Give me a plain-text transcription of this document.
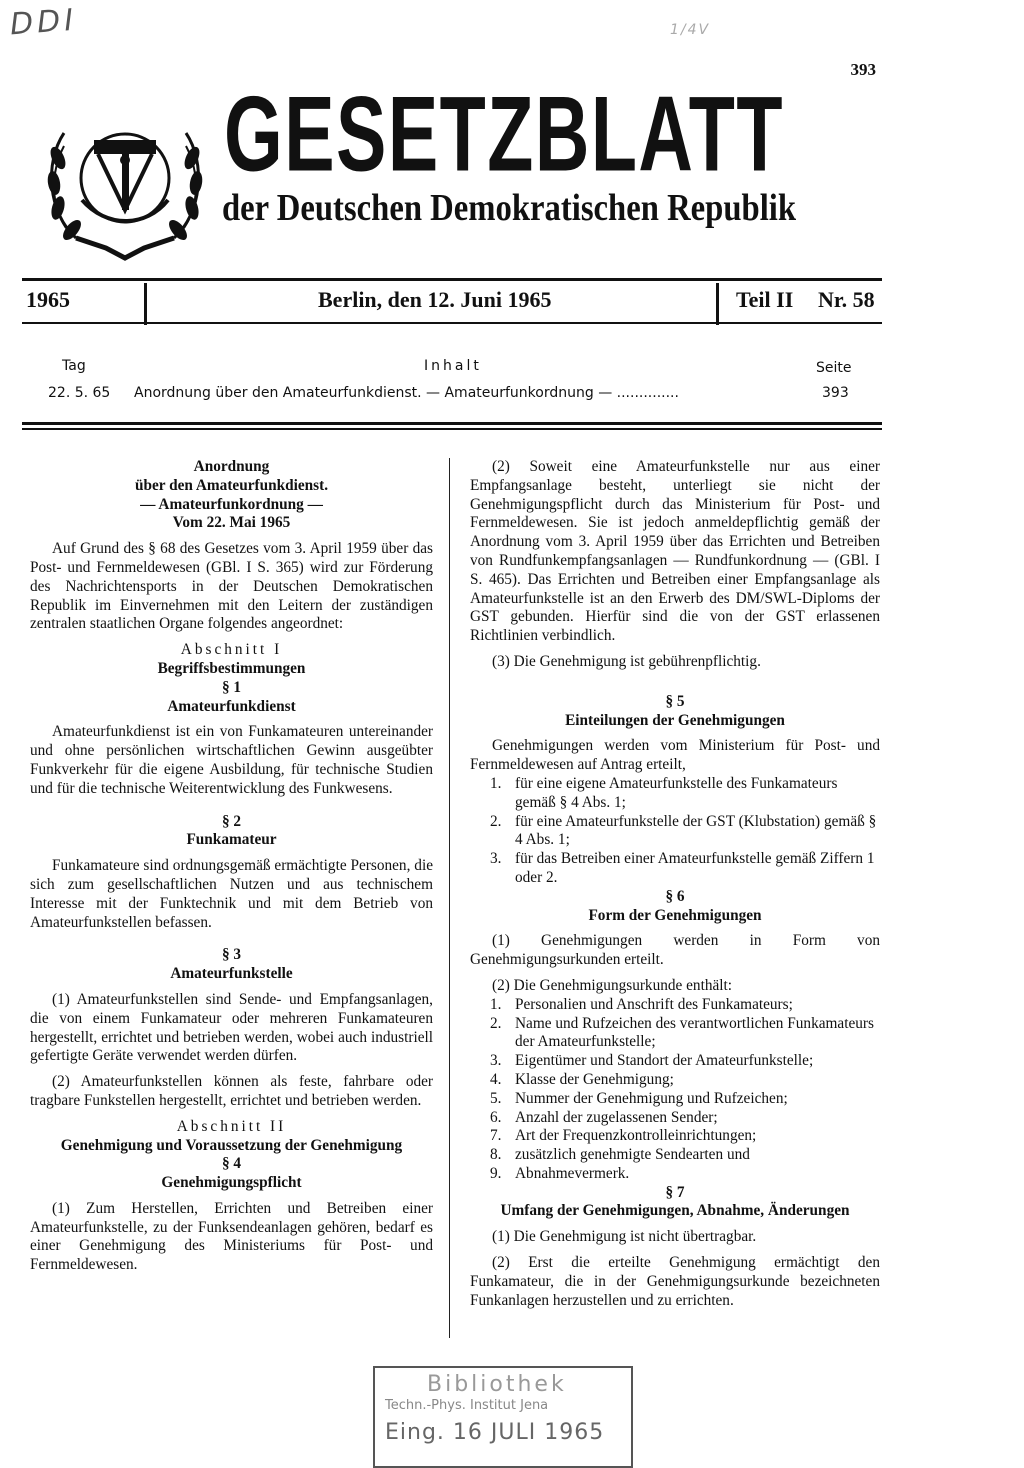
DDI	1/4V
393
GESETZBLATT
der Deutschen Demokratischen Republik
1965	Berlin, den 12. Juni 1965	Teil II Nr. 58
Tag	Inhalt	Seite
22. 5. 65 Anordnung über den Amateurfunkdienst. — Amateurfunkordnung — ..............	393
Anordnung
über den Amateurfunkdienst.
— Amateurfunkordnung —
Vom 22. Mai 1965

Auf Grund des § 68 des Gesetzes vom 3. April 1959 über das Post- und Fernmeldewesen (GBl. I S. 365) wird zur Förderung des Nachrichtensports in der Deutschen Demokratischen Republik im Einvernehmen mit den Leitern der zuständigen zentralen staatlichen Organe folgendes angeordnet:

Abschnitt I
Begriffsbestimmungen
§ 1
Amateurfunkdienst

Amateurfunkdienst ist ein von Funkamateuren untereinander und ohne persönlichen wirtschaftlichen Gewinn ausgeübter Funkverkehr für die eigene Ausbildung, für technische Studien und für die technische Weiterentwicklung des Funkwesens.

§ 2
Funkamateur

Funkamateure sind ordnungsgemäß ermächtigte Personen, die sich zum gesellschaftlichen Nutzen und aus technischem Interesse mit der Funktechnik und mit dem Betrieb von Amateurfunkstellen befassen.

§ 3
Amateurfunkstelle

(1) Amateurfunkstellen sind Sende- und Empfangsanlagen, die von einem Funkamateur oder mehreren Funkamateuren hergestellt, errichtet und betrieben werden, wobei auch industriell gefertigte Geräte verwendet werden dürfen.

(2) Amateurfunkstellen können als feste, fahrbare oder tragbare Funkstellen hergestellt, errichtet und betrieben werden.

Abschnitt II
Genehmigung und Voraussetzung der Genehmigung
§ 4
Genehmigungspflicht

(1) Zum Herstellen, Errichten und Betreiben einer Amateurfunkstelle, zu der Funksendeanlagen gehören, bedarf es einer Genehmigung des Ministeriums für Post- und Fernmeldewesen.

(2) Soweit eine Amateurfunkstelle nur aus einer Empfangsanlage besteht, unterliegt sie nicht der Genehmigungspflicht durch das Ministerium für Post- und Fernmeldewesen. Sie ist jedoch anmeldepflichtig gemäß der Anordnung vom 3. April 1959 über das Errichten und Betreiben von Rundfunkempfangsanlagen — Rundfunkordnung — (GBl. I S. 465). Das Errichten und Betreiben einer Empfangsanlage als Amateurfunkstelle ist an den Erwerb des DM/SWL-Diploms der GST gebunden. Hierfür sind die von der GST erlassenen Richtlinien verbindlich.

(3) Die Genehmigung ist gebührenpflichtig.

§ 5
Einteilungen der Genehmigungen

Genehmigungen werden vom Ministerium für Post- und Fernmeldewesen auf Antrag erteilt,

1. für eine eigene Amateurfunkstelle des Funkamateurs gemäß § 4 Abs. 1;
2. für eine Amateurfunkstelle der GST (Klubstation) gemäß § 4 Abs. 1;
3. für das Betreiben einer Amateurfunkstelle gemäß Ziffern 1 oder 2.
§ 6
Form der Genehmigungen

(1) Genehmigungen werden in Form von Genehmigungsurkunden erteilt.

(2) Die Genehmigungsurkunde enthält:

1. Personalien und Anschrift des Funkamateurs;
2. Name und Rufzeichen des verantwortlichen Funkamateurs der Amateurfunkstelle;
3. Eigentümer und Standort der Amateurfunkstelle;
4. Klasse der Genehmigung;
5. Nummer der Genehmigung und Rufzeichen;
6. Anzahl der zugelassenen Sender;
7. Art der Frequenzkontrolleinrichtungen;
8. zusätzlich genehmigte Sendearten und
9. Abnahmevermerk.
§ 7
Umfang der Genehmigungen, Abnahme, Änderungen

(1) Die Genehmigung ist nicht übertragbar.

(2) Erst die erteilte Genehmigung ermächtigt den Funkamateur, die in der Genehmigungsurkunde bezeichneten Funkanlagen herzustellen und zu errichten.

Bibliothek
Techn.-Phys. Institut Jena
Eing. 16 JULI 1965
